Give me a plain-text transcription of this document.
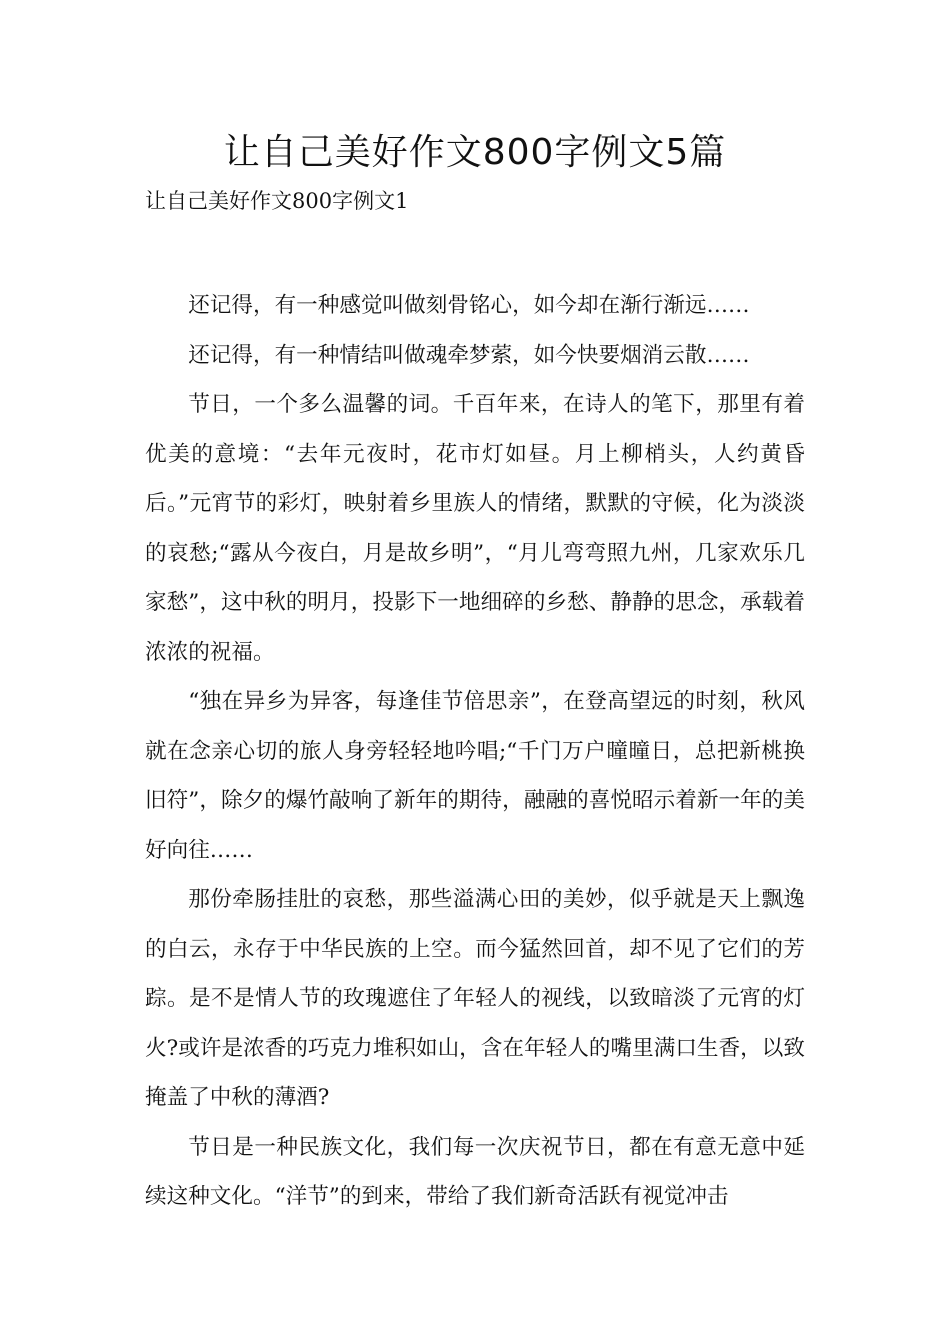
让自己美好作文800字例文5篇

让自己美好作文800字例文1

还记得，有一种感觉叫做刻骨铭心，如今却在渐行渐远……

还记得，有一种情结叫做魂牵梦萦，如今快要烟消云散……

节日，一个多么温馨的词。千百年来，在诗人的笔下，那里有着优美的意境：“去年元夜时，花市灯如昼。月上柳梢头，人约黄昏后。”元宵节的彩灯，映射着乡里族人的情绪，默默的守候，化为淡淡的哀愁;“露从今夜白，月是故乡明”，“月儿弯弯照九州，几家欢乐几家愁”，这中秋的明月，投影下一地细碎的乡愁、静静的思念，承载着浓浓的祝福。

“独在异乡为异客，每逢佳节倍思亲”，在登高望远的时刻，秋风就在念亲心切的旅人身旁轻轻地吟唱;“千门万户曈曈日，总把新桃换旧符”，除夕的爆竹敲响了新年的期待，融融的喜悦昭示着新一年的美好向往……

那份牵肠挂肚的哀愁，那些溢满心田的美妙，似乎就是天上飘逸的白云，永存于中华民族的上空。而今猛然回首，却不见了它们的芳踪。是不是情人节的玫瑰遮住了年轻人的视线，以致暗淡了元宵的灯火?或许是浓香的巧克力堆积如山，含在年轻人的嘴里满口生香，以致掩盖了中秋的薄酒?

节日是一种民族文化，我们每一次庆祝节日，都在有意无意中延续这种文化。“洋节”的到来，带给了我们新奇活跃有视觉冲击
